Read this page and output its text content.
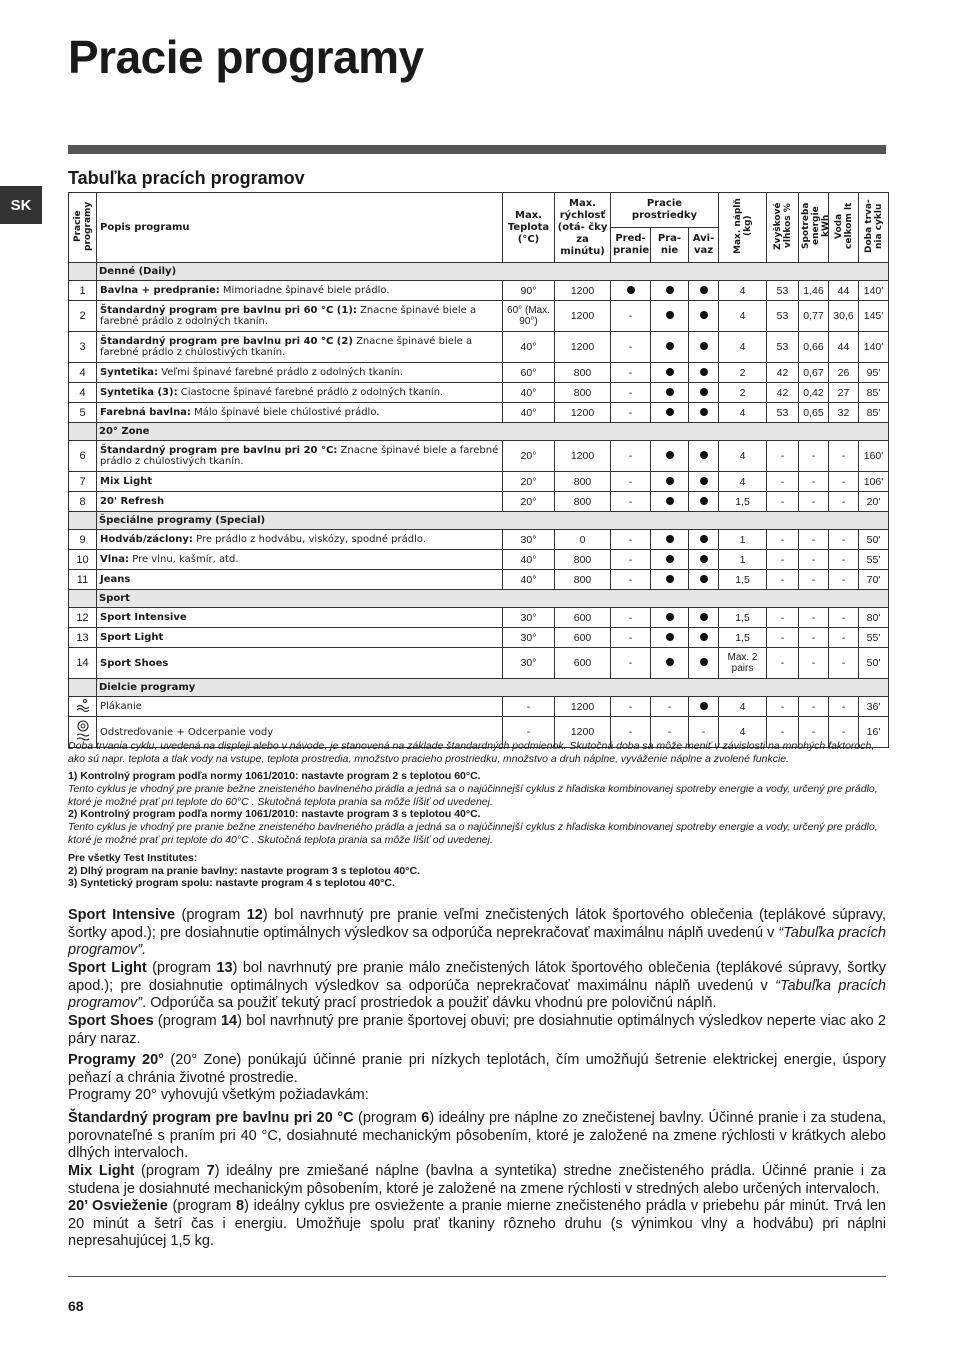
Pracie programy
Tabuľka pracích programov
SK
Pracie programy	Popis programu	Max. Teplota (°C)	Max. rýchlosť (otá- čky za minútu)	Pracie prostriedky			Max. náplň (kg)	Zvyškové vlhkos %	Spotreba energie kWh	Voda celkom lt	Doba trva- nia cyklu
				Pred- pranie	Pra- nie	Avi- vaz					
	Denné (Daily)										
1	Bavlna + predpranie: Mimoriadne špinavé biele prádlo.	90°	1200				4	53	1,46	44	140'
2	Štandardný program pre bavlnu pri 60 °C (1): Znacne špinavé biele a farebné prádlo z odolných tkanín.	60° (Max. 90°)	1200	-			4	53	0,77	30,6	145'
3	Štandardný program pre bavlnu pri 40 °C (2) Znacne špinavé biele a farebné prádlo z chúlostivých tkanín.	40°	1200	-			4	53	0,66	44	140'
4	Syntetika: Veľmi špinavé farebné prádlo z odolných tkanín.	60°	800	-			2	42	0,67	26	95'
4	Syntetika (3): Ciastocne špinavé farebné prádlo z odolných tkanín.	40°	800	-			2	42	0,42	27	85'
5	Farebná bavlna: Málo špinavé biele chúlostivé prádlo.	40°	1200	-			4	53	0,65	32	85'
	20° Zone										
6	Štandardný program pre bavlnu pri 20 °C: Znacne špinavé biele a farebné prádlo z chúlostivých tkanín.	20°	1200	-			4	-	-	-	160'
7	Mix Light	20°	800	-			4	-	-	-	106'
8	20' Refresh	20°	800	-			1,5	-	-	-	20'
	Špeciálne programy (Special)										
9	Hodváb/záclony: Pre prádlo z hodvábu, viskózy, spodné prádlo.	30°	0	-			1	-	-	-	50'
10	Vlna: Pre vlnu, kašmír, atd.	40°	800	-			1	-	-	-	55'
11	Jeans	40°	800	-			1,5	-	-	-	70'
	Sport										
12	Sport Intensive	30°	600	-			1,5	-	-	-	80'
13	Sport Light	30°	600	-			1,5	-	-	-	55'
14	Sport Shoes	30°	600	-			Max. 2 pairs	-	-	-	50'
	Dielcie programy										
	Plákanie	-	1200	-	-		4	-	-	-	36'
	Odstreďovanie + Odcerpanie vody	-	1200	-	-	-	4	-	-	-	16'

Doba trvania cyklu, uvedená na displeji alebo v návode, je stanovená na základe štandardných podmienok. Skutočná doba sa môže meniť v závislosti na mnohých faktoroch, ako sú napr. teplota a tlak vody na vstupe, teplota prostredia, množstvo pracieho prostriedku, množstvo a druh náplne, vyváženie náplne a zvolené funkcie.

1) Kontrolný program podľa normy 1061/2010: nastavte program 2 s teplotou 60°C.

Tento cyklus je vhodný pre pranie bežne zneisteného bavlneného prádla a jedná sa o najúčinnejší cyklus z hľadiska kombinovanej spotreby energie a vody, určený pre prádlo, ktoré je možné prať pri teplote do 60°C . Skutočná teplota prania sa môže líšiť od uvedenej.

2) Kontrolný program podľa normy 1061/2010: nastavte program 3 s teplotou 40°C.

Tento cyklus je vhodný pre pranie bežne zneisteného bavlneného prádla a jedná sa o najúčinnejší cyklus z hľadiska kombinovanej spotreby energie a vody, určený pre prádlo, ktoré je možné prať pri teplote do 40°C . Skutočná teplota prania sa môže líšiť od uvedenej.

Pre všetky Test Institutes:

2) Dlhý program na pranie bavlny: nastavte program 3 s teplotou 40°C.

3) Syntetický program spolu: nastavte program 4 s teplotou 40°C.

Sport Intensive (program 12) bol navrhnutý pre pranie veľmi znečistených látok športového oblečenia (teplákové súpravy, šortky apod.); pre dosiahnutie optimálnych výsledkov sa odporúča neprekračovať maximálnu náplň uvedenú v “Tabuľka pracích programov”.

Sport Light (program 13) bol navrhnutý pre pranie málo znečistených látok športového oblečenia (teplákové súpravy, šortky apod.); pre dosiahnutie optimálnych výsledkov sa odporúča neprekračovať maximálnu náplň uvedenú v “Tabuľka pracích programov”. Odporúča sa použiť tekutý prací prostriedok a použiť dávku vhodnú pre polovičnú náplň.

Sport Shoes (program 14) bol navrhnutý pre pranie športovej obuvi; pre dosiahnutie optimálnych výsledkov neperte viac ako 2 páry naraz.

Programy 20° (20° Zone) ponúkajú účinné pranie pri nízkych teplotách, čím umožňujú šetrenie elektrickej energie, úspory peňazí a chránia životné prostredie.

Programy 20° vyhovujú všetkým požiadavkám:

Štandardný program pre bavlnu pri 20 °C (program 6) ideálny pre náplne zo znečistenej bavlny. Účinné pranie i za studena, porovnateľné s praním pri 40 °C, dosiahnuté mechanickým pôsobením, ktoré je založené na zmene rýchlosti v krátkych alebo dlhých intervaloch.

Mix Light (program 7) ideálny pre zmiešané náplne (bavlna a syntetika) stredne znečisteného prádla. Účinné pranie i za studena je dosiahnuté mechanickým pôsobením, ktoré je založené na zmene rýchlosti v stredných alebo určených intervaloch.

20’ Osvieženie (program 8) ideálny cyklus pre osviežente a pranie mierne znečisteného prádla v priebehu pár minút. Trvá len 20 minút a šetrí čas i energiu. Umožňuje spolu prať tkaniny rôzneho druhu (s výnimkou vlny a hodvábu) pri náplni nepresahujúcej 1,5 kg.

68
